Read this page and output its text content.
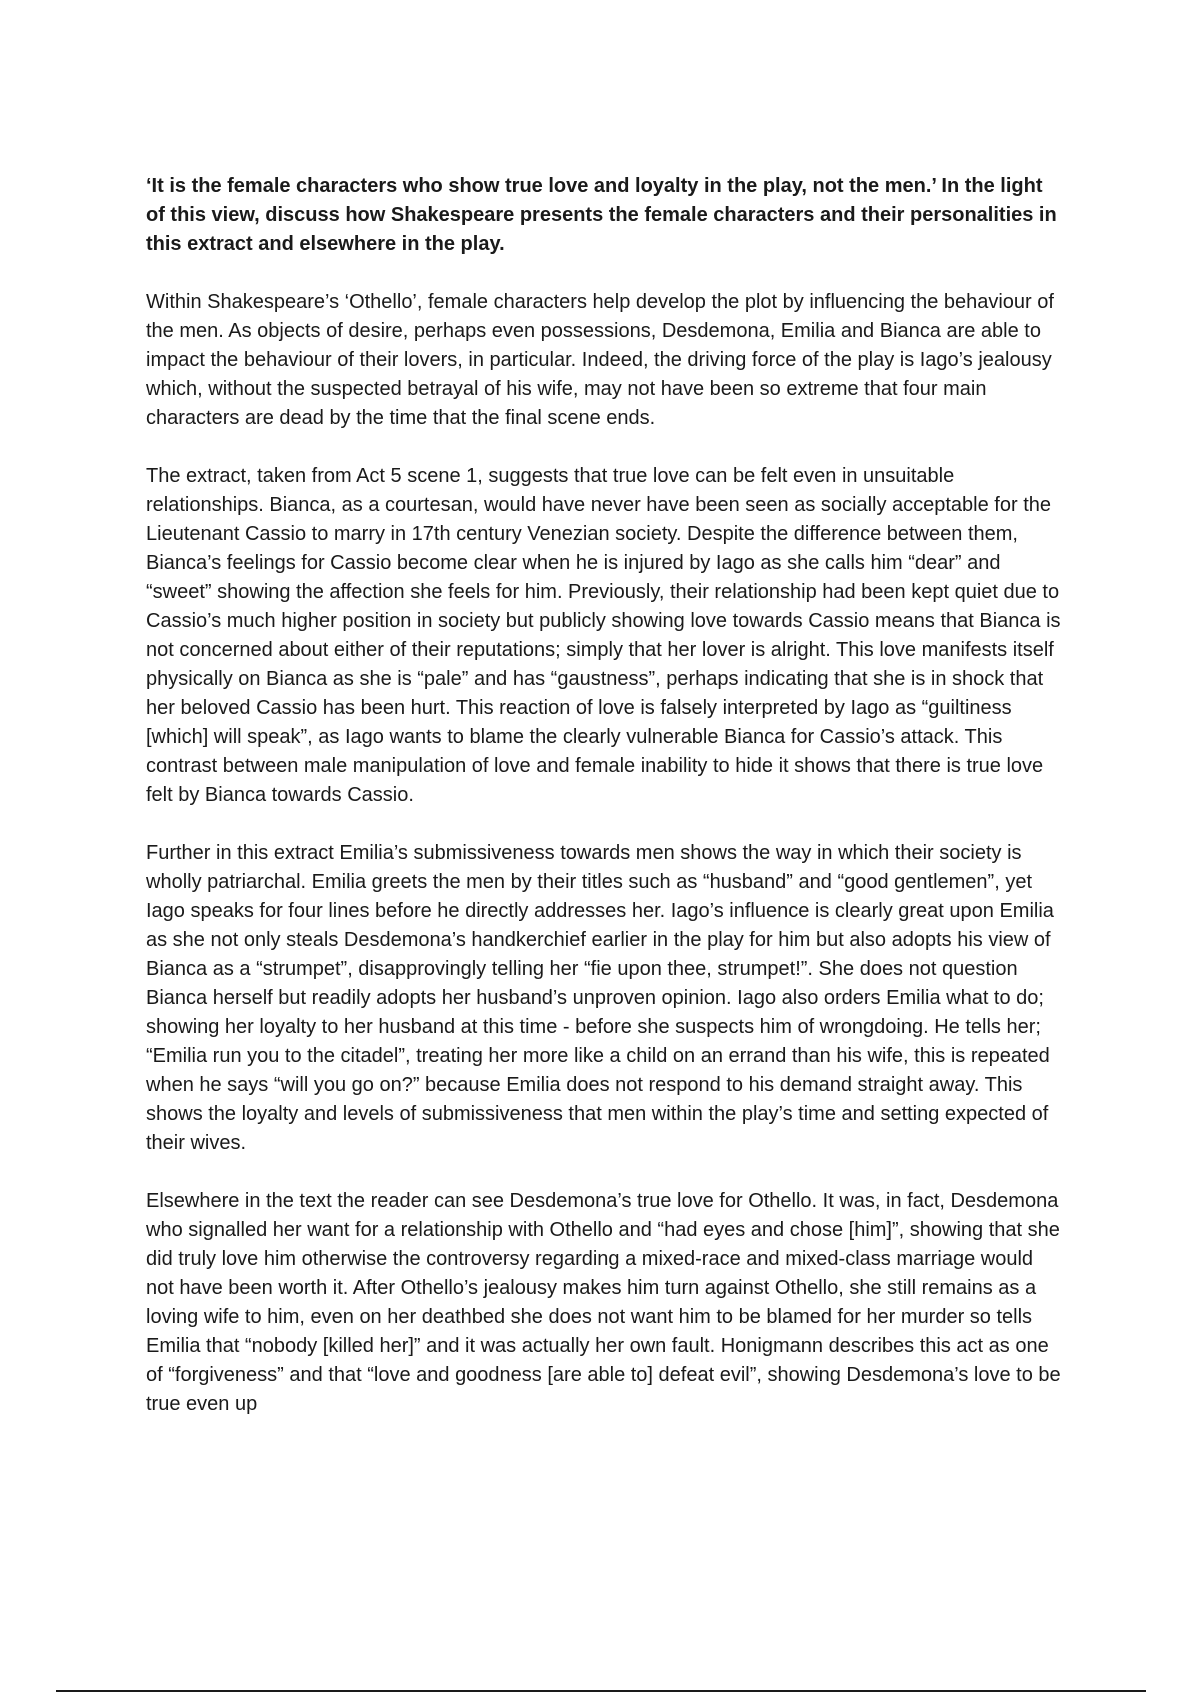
‘It is the female characters who show true love and loyalty in the play, not the men.’ In the light of this view, discuss how Shakespeare presents the female characters and their personalities in this extract and elsewhere in the play.

Within Shakespeare’s ‘Othello’, female characters help develop the plot by influencing the behaviour of the men. As objects of desire, perhaps even possessions, Desdemona, Emilia and Bianca are able to impact the behaviour of their lovers, in particular. Indeed, the driving force of the play is Iago’s jealousy which, without the suspected betrayal of his wife, may not have been so extreme that four main characters are dead by the time that the final scene ends.

The extract, taken from Act 5 scene 1, suggests that true love can be felt even in unsuitable relationships. Bianca, as a courtesan, would have never have been seen as socially acceptable for the Lieutenant Cassio to marry in 17th century Venezian society. Despite the difference between them, Bianca’s feelings for Cassio become clear when he is injured by Iago as she calls him “dear” and “sweet” showing the affection she feels for him. Previously, their relationship had been kept quiet due to Cassio’s much higher position in society but publicly showing love towards Cassio means that Bianca is not concerned about either of their reputations; simply that her lover is alright. This love manifests itself physically on Bianca as she is “pale” and has “gaustness”, perhaps indicating that she is in shock that her beloved Cassio has been hurt. This reaction of love is falsely interpreted by Iago as “guiltiness [which] will speak”, as Iago wants to blame the clearly vulnerable Bianca for Cassio’s attack. This contrast between male manipulation of love and female inability to hide it shows that there is true love felt by Bianca towards Cassio.

Further in this extract Emilia’s submissiveness towards men shows the way in which their society is wholly patriarchal. Emilia greets the men by their titles such as “husband” and “good gentlemen”, yet Iago speaks for four lines before he directly addresses her. Iago’s influence is clearly great upon Emilia as she not only steals Desdemona’s handkerchief earlier in the play for him but also adopts his view of Bianca as a “strumpet”, disapprovingly telling her “fie upon thee, strumpet!”. She does not question Bianca herself but readily adopts her husband’s unproven opinion. Iago also orders Emilia what to do; showing her loyalty to her husband at this time - before she suspects him of wrongdoing. He tells her; “Emilia run you to the citadel”, treating her more like a child on an errand than his wife, this is repeated when he says “will you go on?” because Emilia does not respond to his demand straight away. This shows the loyalty and levels of submissiveness that men within the play’s time and setting expected of their wives.

Elsewhere in the text the reader can see Desdemona’s true love for Othello. It was, in fact, Desdemona who signalled her want for a relationship with Othello and “had eyes and chose [him]”, showing that she did truly love him otherwise the controversy regarding a mixed-race and mixed-class marriage would not have been worth it. After Othello’s jealousy makes him turn against Othello, she still remains as a loving wife to him, even on her deathbed she does not want him to be blamed for her murder so tells Emilia that “nobody [killed her]” and it was actually her own fault. Honigmann describes this act as one of “forgiveness” and that “love and goodness [are able to] defeat evil”, showing Desdemona’s love to be true even up
